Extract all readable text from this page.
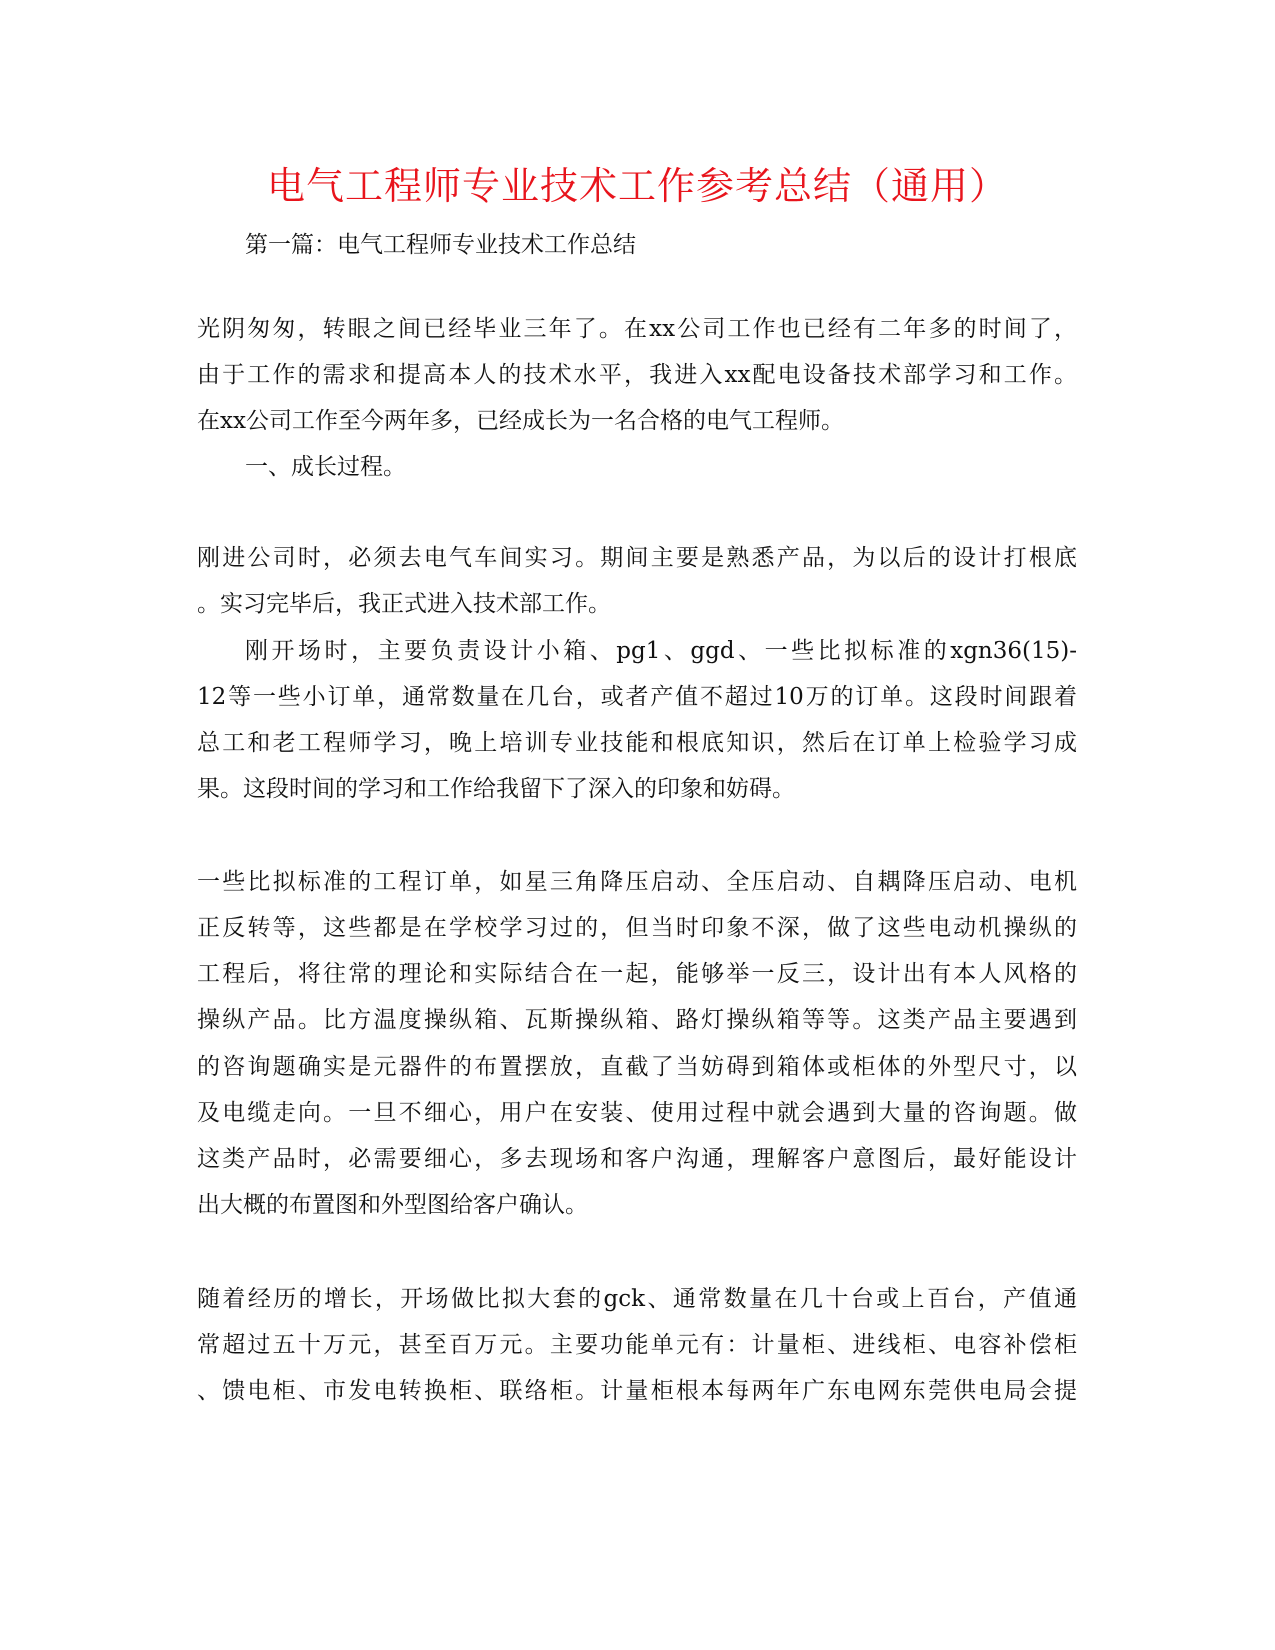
电气工程师专业技术工作参考总结（通用）
第一篇：电气工程师专业技术工作总结
光阴匆匆，转眼之间已经毕业三年了。在xx公司工作也已经有二年多的时间了，
由于工作的需求和提高本人的技术水平，我进入xx配电设备技术部学习和工作。
在xx公司工作至今两年多，已经成长为一名合格的电气工程师。
一、成长过程。
刚进公司时，必须去电气车间实习。期间主要是熟悉产品，为以后的设计打根底
。实习完毕后，我正式进入技术部工作。
刚开场时，主要负责设计小箱、pg1、ggd、一些比拟标准的xgn36(15)-
12等一些小订单，通常数量在几台，或者产值不超过10万的订单。这段时间跟着
总工和老工程师学习，晚上培训专业技能和根底知识，然后在订单上检验学习成
果。这段时间的学习和工作给我留下了深入的印象和妨碍。
一些比拟标准的工程订单，如星三角降压启动、全压启动、自耦降压启动、电机
正反转等，这些都是在学校学习过的，但当时印象不深，做了这些电动机操纵的
工程后，将往常的理论和实际结合在一起，能够举一反三，设计出有本人风格的
操纵产品。比方温度操纵箱、瓦斯操纵箱、路灯操纵箱等等。这类产品主要遇到
的咨询题确实是元器件的布置摆放，直截了当妨碍到箱体或柜体的外型尺寸，以
及电缆走向。一旦不细心，用户在安装、使用过程中就会遇到大量的咨询题。做
这类产品时，必需要细心，多去现场和客户沟通，理解客户意图后，最好能设计
出大概的布置图和外型图给客户确认。
随着经历的增长，开场做比拟大套的gck、通常数量在几十台或上百台，产值通
常超过五十万元，甚至百万元。主要功能单元有：计量柜、进线柜、电容补偿柜
、馈电柜、市发电转换柜、联络柜。计量柜根本每两年广东电网东莞供电局会提
